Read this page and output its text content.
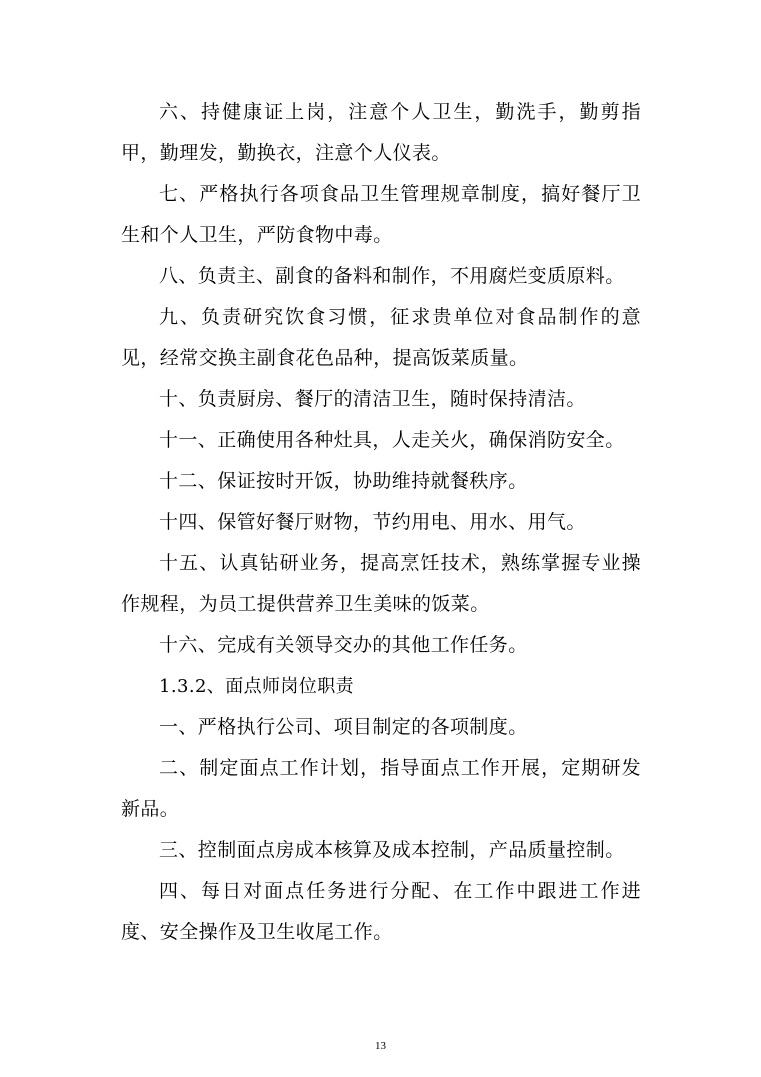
六、持健康证上岗，注意个人卫生，勤洗手，勤剪指甲，勤理发，勤换衣，注意个人仪表。

七、严格执行各项食品卫生管理规章制度，搞好餐厅卫生和个人卫生，严防食物中毒。

八、负责主、副食的备料和制作，不用腐烂变质原料。

九、负责研究饮食习惯，征求贵单位对食品制作的意见，经常交换主副食花色品种，提高饭菜质量。

十、负责厨房、餐厅的清洁卫生，随时保持清洁。

十一、正确使用各种灶具，人走关火，确保消防安全。

十二、保证按时开饭，协助维持就餐秩序。

十四、保管好餐厅财物，节约用电、用水、用气。

十五、认真钻研业务，提高烹饪技术，熟练掌握专业操作规程，为员工提供营养卫生美味的饭菜。

十六、完成有关领导交办的其他工作任务。

1.3.2、面点师岗位职责

一、严格执行公司、项目制定的各项制度。

二、制定面点工作计划，指导面点工作开展，定期研发新品。

三、控制面点房成本核算及成本控制，产品质量控制。

四、每日对面点任务进行分配、在工作中跟进工作进度、安全操作及卫生收尾工作。

13
